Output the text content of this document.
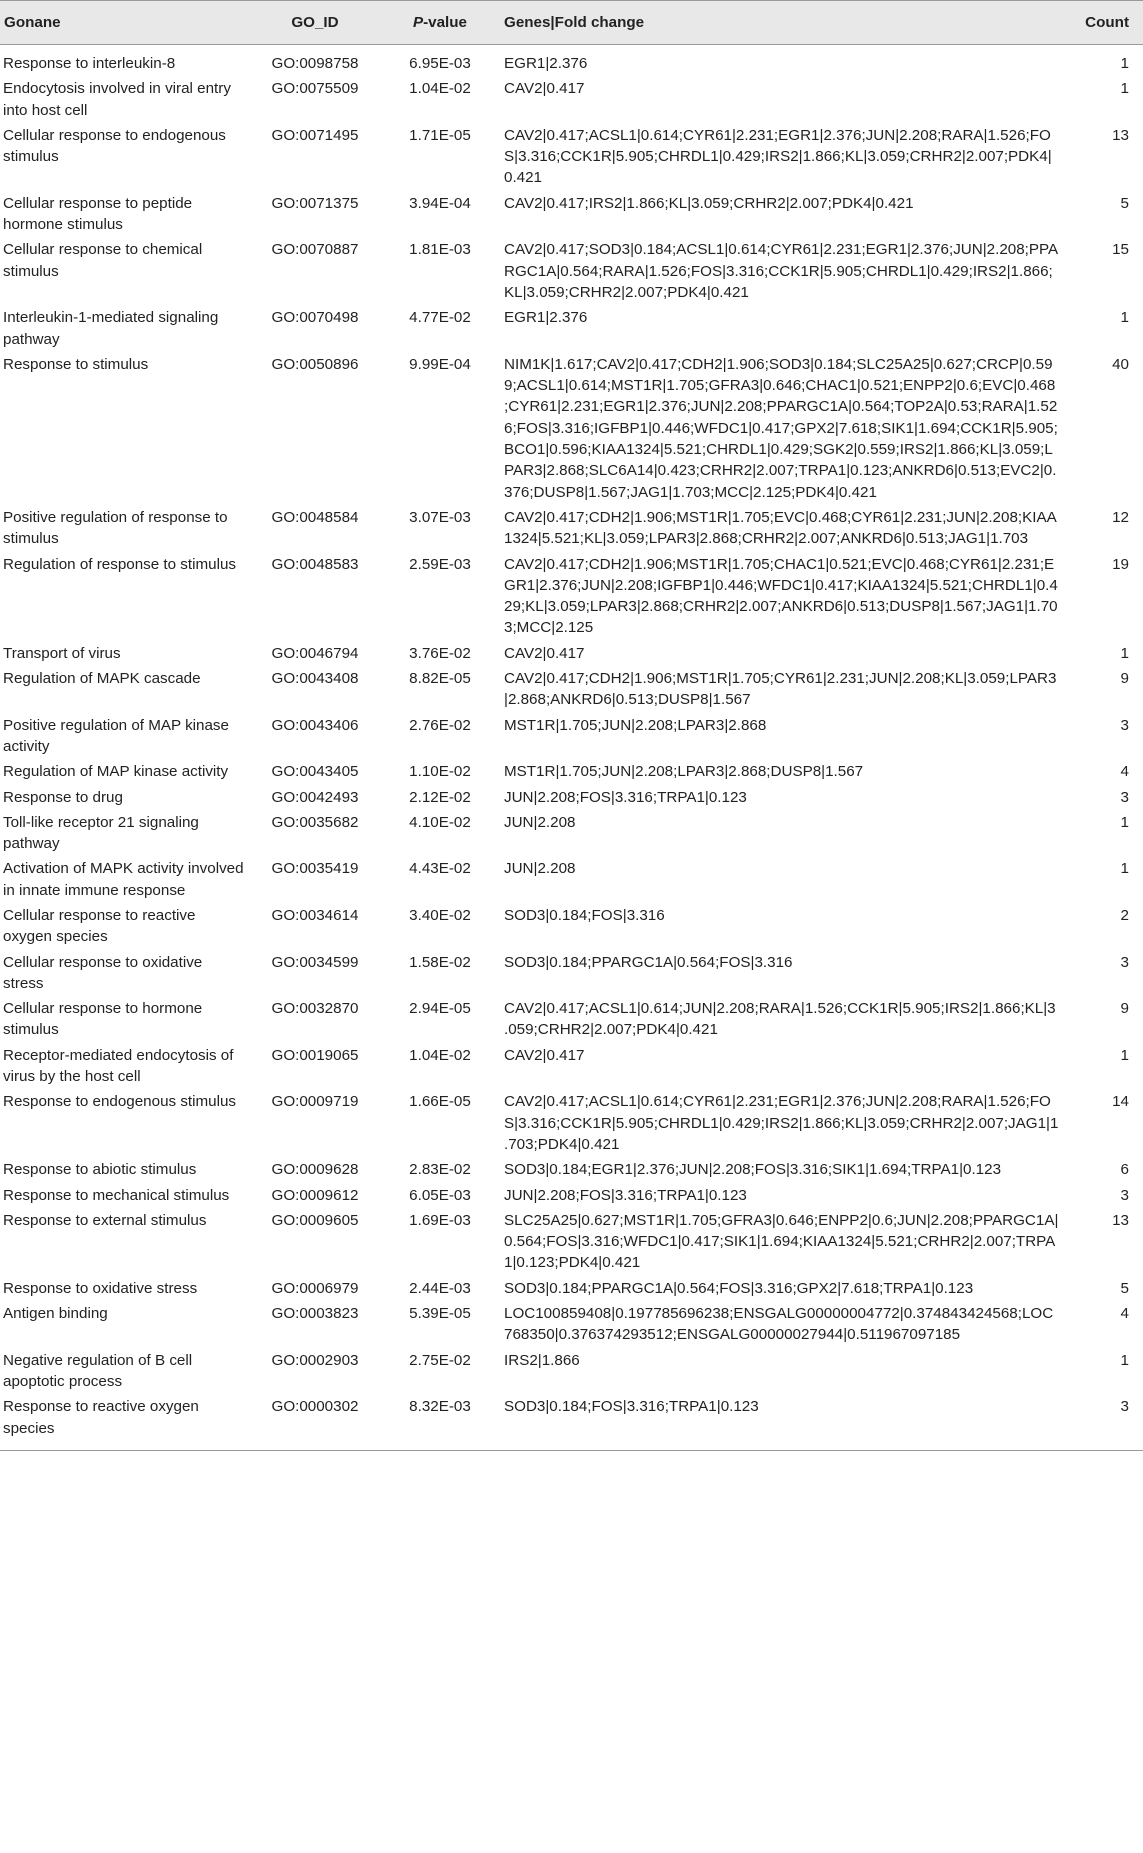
Gonane	GO_ID	P-value	Genes|Fold change	Count
Response to interleukin-8	GO:0098758	6.95E-03	EGR1|2.376	1
Endocytosis involved in viral entry into host cell	GO:0075509	1.04E-02	CAV2|0.417	1
Cellular response to endogenous stimulus	GO:0071495	1.71E-05	CAV2|0.417;ACSL1|0.614;CYR61|2.231;EGR1|2.376;JUN|2.208;RARA|1.526;FOS|3.316;CCK1R|5.905;CHRDL1|0.429;IRS2|1.866;KL|3.059;CRHR2|2.007;PDK4|0.421	13
Cellular response to peptide hormone stimulus	GO:0071375	3.94E-04	CAV2|0.417;IRS2|1.866;KL|3.059;CRHR2|2.007;PDK4|0.421	5
Cellular response to chemical stimulus	GO:0070887	1.81E-03	CAV2|0.417;SOD3|0.184;ACSL1|0.614;CYR61|2.231;EGR1|2.376;JUN|2.208;PPARGC1A|0.564;RARA|1.526;FOS|3.316;CCK1R|5.905;CHRDL1|0.429;IRS2|1.866;KL|3.059;CRHR2|2.007;PDK4|0.421	15
Interleukin-1-mediated signaling pathway	GO:0070498	4.77E-02	EGR1|2.376	1
Response to stimulus	GO:0050896	9.99E-04	NIM1K|1.617;CAV2|0.417;CDH2|1.906;SOD3|0.184;SLC25A25|0.627;CRCP|0.599;ACSL1|0.614;MST1R|1.705;GFRA3|0.646;CHAC1|0.521;ENPP2|0.6;EVC|0.468;CYR61|2.231;EGR1|2.376;JUN|2.208;PPARGC1A|0.564;TOP2A|0.53;RARA|1.526;FOS|3.316;IGFBP1|0.446;WFDC1|0.417;GPX2|7.618;SIK1|1.694;CCK1R|5.905;BCO1|0.596;KIAA1324|5.521;CHRDL1|0.429;SGK2|0.559;IRS2|1.866;KL|3.059;LPAR3|2.868;SLC6A14|0.423;CRHR2|2.007;TRPA1|0.123;ANKRD6|0.513;EVC2|0.376;DUSP8|1.567;JAG1|1.703;MCC|2.125;PDK4|0.421	40
Positive regulation of response to stimulus	GO:0048584	3.07E-03	CAV2|0.417;CDH2|1.906;MST1R|1.705;EVC|0.468;CYR61|2.231;JUN|2.208;KIAA1324|5.521;KL|3.059;LPAR3|2.868;CRHR2|2.007;ANKRD6|0.513;JAG1|1.703	12
Regulation of response to stimulus	GO:0048583	2.59E-03	CAV2|0.417;CDH2|1.906;MST1R|1.705;CHAC1|0.521;EVC|0.468;CYR61|2.231;EGR1|2.376;JUN|2.208;IGFBP1|0.446;WFDC1|0.417;KIAA1324|5.521;CHRDL1|0.429;KL|3.059;LPAR3|2.868;CRHR2|2.007;ANKRD6|0.513;DUSP8|1.567;JAG1|1.703;MCC|2.125	19
Transport of virus	GO:0046794	3.76E-02	CAV2|0.417	1
Regulation of MAPK cascade	GO:0043408	8.82E-05	CAV2|0.417;CDH2|1.906;MST1R|1.705;CYR61|2.231;JUN|2.208;KL|3.059;LPAR3|2.868;ANKRD6|0.513;DUSP8|1.567	9
Positive regulation of MAP kinase activity	GO:0043406	2.76E-02	MST1R|1.705;JUN|2.208;LPAR3|2.868	3
Regulation of MAP kinase activity	GO:0043405	1.10E-02	MST1R|1.705;JUN|2.208;LPAR3|2.868;DUSP8|1.567	4
Response to drug	GO:0042493	2.12E-02	JUN|2.208;FOS|3.316;TRPA1|0.123	3
Toll-like receptor 21 signaling pathway	GO:0035682	4.10E-02	JUN|2.208	1
Activation of MAPK activity involved in innate immune response	GO:0035419	4.43E-02	JUN|2.208	1
Cellular response to reactive oxygen species	GO:0034614	3.40E-02	SOD3|0.184;FOS|3.316	2
Cellular response to oxidative stress	GO:0034599	1.58E-02	SOD3|0.184;PPARGC1A|0.564;FOS|3.316	3
Cellular response to hormone stimulus	GO:0032870	2.94E-05	CAV2|0.417;ACSL1|0.614;JUN|2.208;RARA|1.526;CCK1R|5.905;IRS2|1.866;KL|3.059;CRHR2|2.007;PDK4|0.421	9
Receptor-mediated endocytosis of virus by the host cell	GO:0019065	1.04E-02	CAV2|0.417	1
Response to endogenous stimulus	GO:0009719	1.66E-05	CAV2|0.417;ACSL1|0.614;CYR61|2.231;EGR1|2.376;JUN|2.208;RARA|1.526;FOS|3.316;CCK1R|5.905;CHRDL1|0.429;IRS2|1.866;KL|3.059;CRHR2|2.007;JAG1|1.703;PDK4|0.421	14
Response to abiotic stimulus	GO:0009628	2.83E-02	SOD3|0.184;EGR1|2.376;JUN|2.208;FOS|3.316;SIK1|1.694;TRPA1|0.123	6
Response to mechanical stimulus	GO:0009612	6.05E-03	JUN|2.208;FOS|3.316;TRPA1|0.123	3
Response to external stimulus	GO:0009605	1.69E-03	SLC25A25|0.627;MST1R|1.705;GFRA3|0.646;ENPP2|0.6;JUN|2.208;PPARGC1A|0.564;FOS|3.316;WFDC1|0.417;SIK1|1.694;KIAA1324|5.521;CRHR2|2.007;TRPA1|0.123;PDK4|0.421	13
Response to oxidative stress	GO:0006979	2.44E-03	SOD3|0.184;PPARGC1A|0.564;FOS|3.316;GPX2|7.618;TRPA1|0.123	5
Antigen binding	GO:0003823	5.39E-05	LOC100859408|0.197785696238;ENSGALG00000004772|0.374843424568;LOC768350|0.376374293512;ENSGALG00000027944|0.511967097185	4
Negative regulation of B cell apoptotic process	GO:0002903	2.75E-02	IRS2|1.866	1
Response to reactive oxygen species	GO:0000302	8.32E-03	SOD3|0.184;FOS|3.316;TRPA1|0.123	3
